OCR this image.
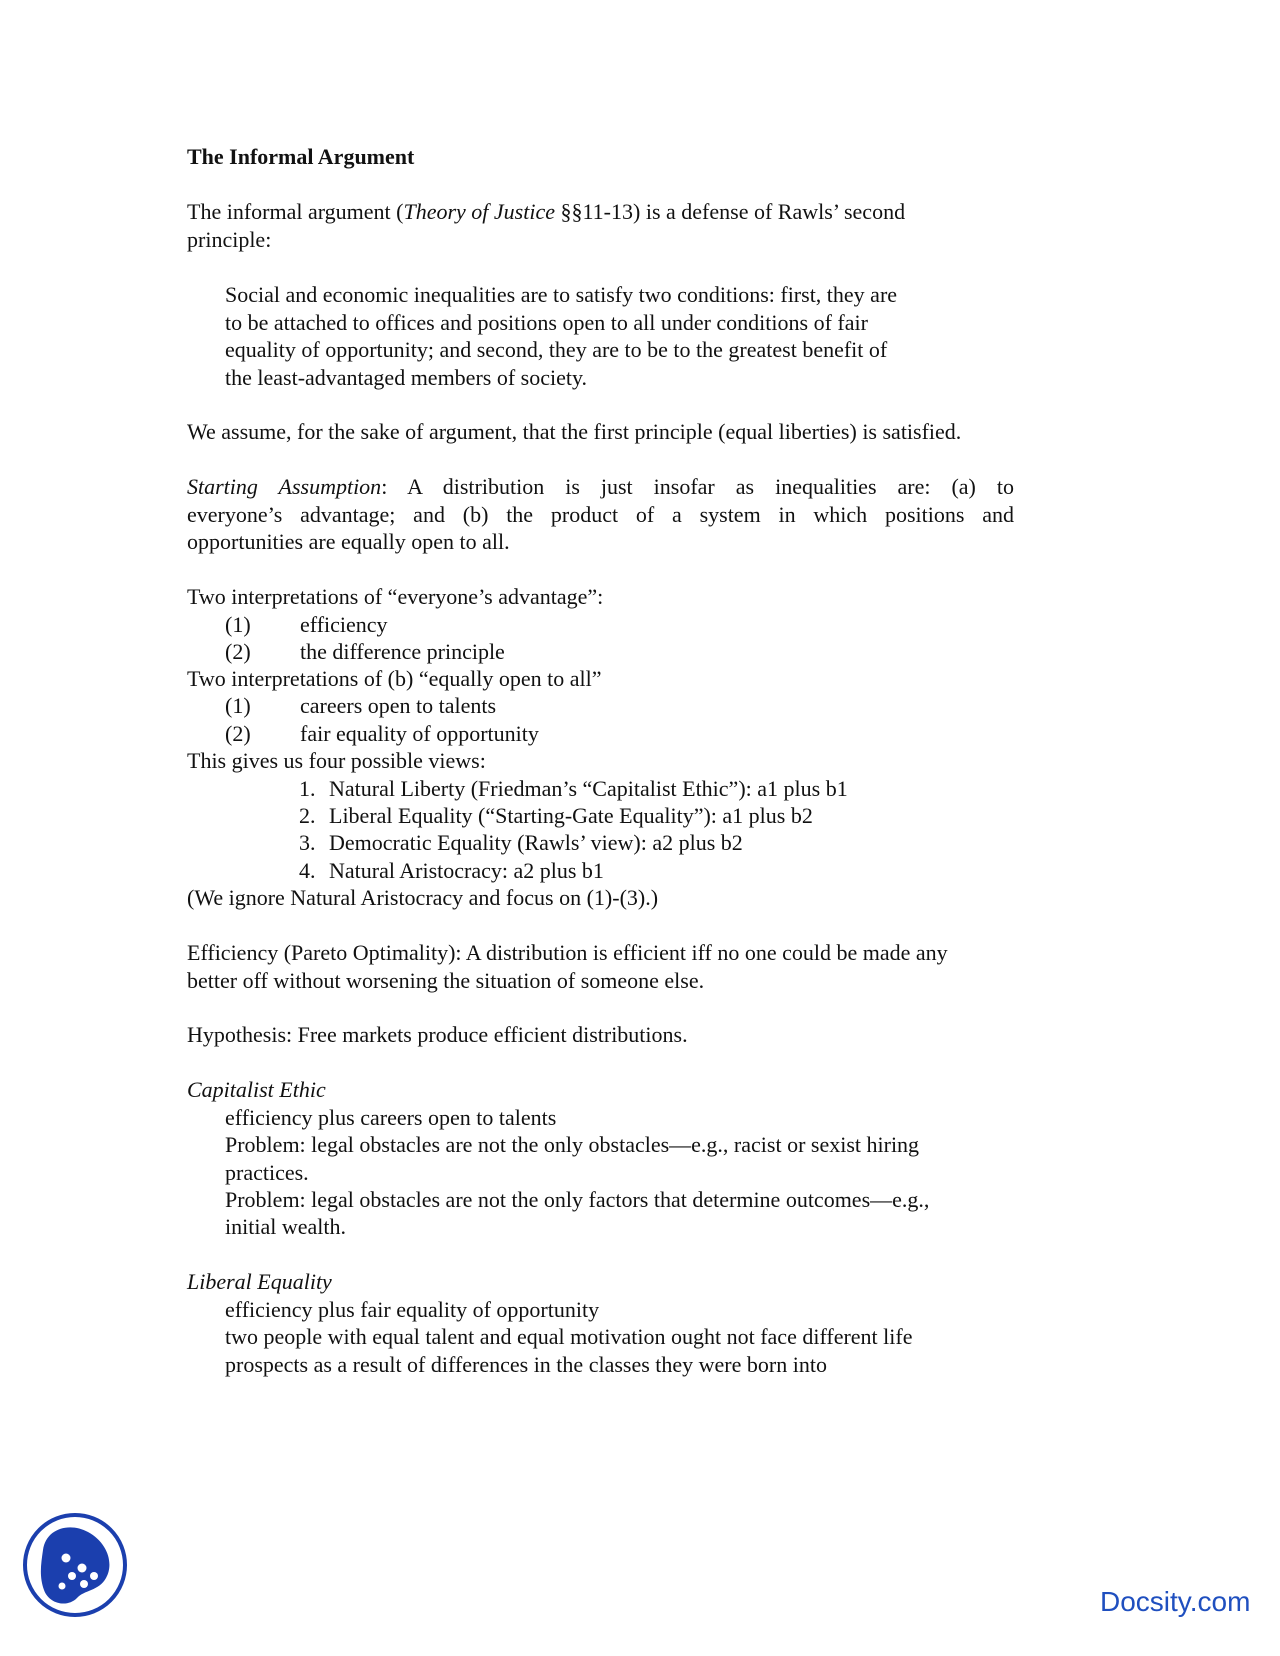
The Informal Argument
The informal argument (Theory of Justice §§11-13) is a defense of Rawls’ second
principle:
Social and economic inequalities are to satisfy two conditions: first, they are
to be attached to offices and positions open to all under conditions of fair
equality of opportunity; and second, they are to be to the greatest benefit of
the least-advantaged members of society.
We assume, for the sake of argument, that the first principle (equal liberties) is satisfied.
Starting Assumption: A distribution is just insofar as inequalities are: (a) to
everyone’s advantage; and (b) the product of a system in which positions and
opportunities are equally open to all.
Two interpretations of “everyone’s advantage”:
(1) efficiency
(2) the difference principle
Two interpretations of (b) “equally open to all”
(1) careers open to talents
(2) fair equality of opportunity
This gives us four possible views:
1. Natural Liberty (Friedman’s “Capitalist Ethic”): a1 plus b1
2. Liberal Equality (“Starting-Gate Equality”): a1 plus b2
3. Democratic Equality (Rawls’ view): a2 plus b2
4. Natural Aristocracy: a2 plus b1
(We ignore Natural Aristocracy and focus on (1)-(3).)
Efficiency (Pareto Optimality): A distribution is efficient iff no one could be made any
better off without worsening the situation of someone else.
Hypothesis: Free markets produce efficient distributions.
Capitalist Ethic
efficiency plus careers open to talents
Problem: legal obstacles are not the only obstacles—e.g., racist or sexist hiring
practices.
Problem: legal obstacles are not the only factors that determine outcomes—e.g.,
initial wealth.
Liberal Equality
efficiency plus fair equality of opportunity
two people with equal talent and equal motivation ought not face different life
prospects as a result of differences in the classes they were born into
Docsity.com
